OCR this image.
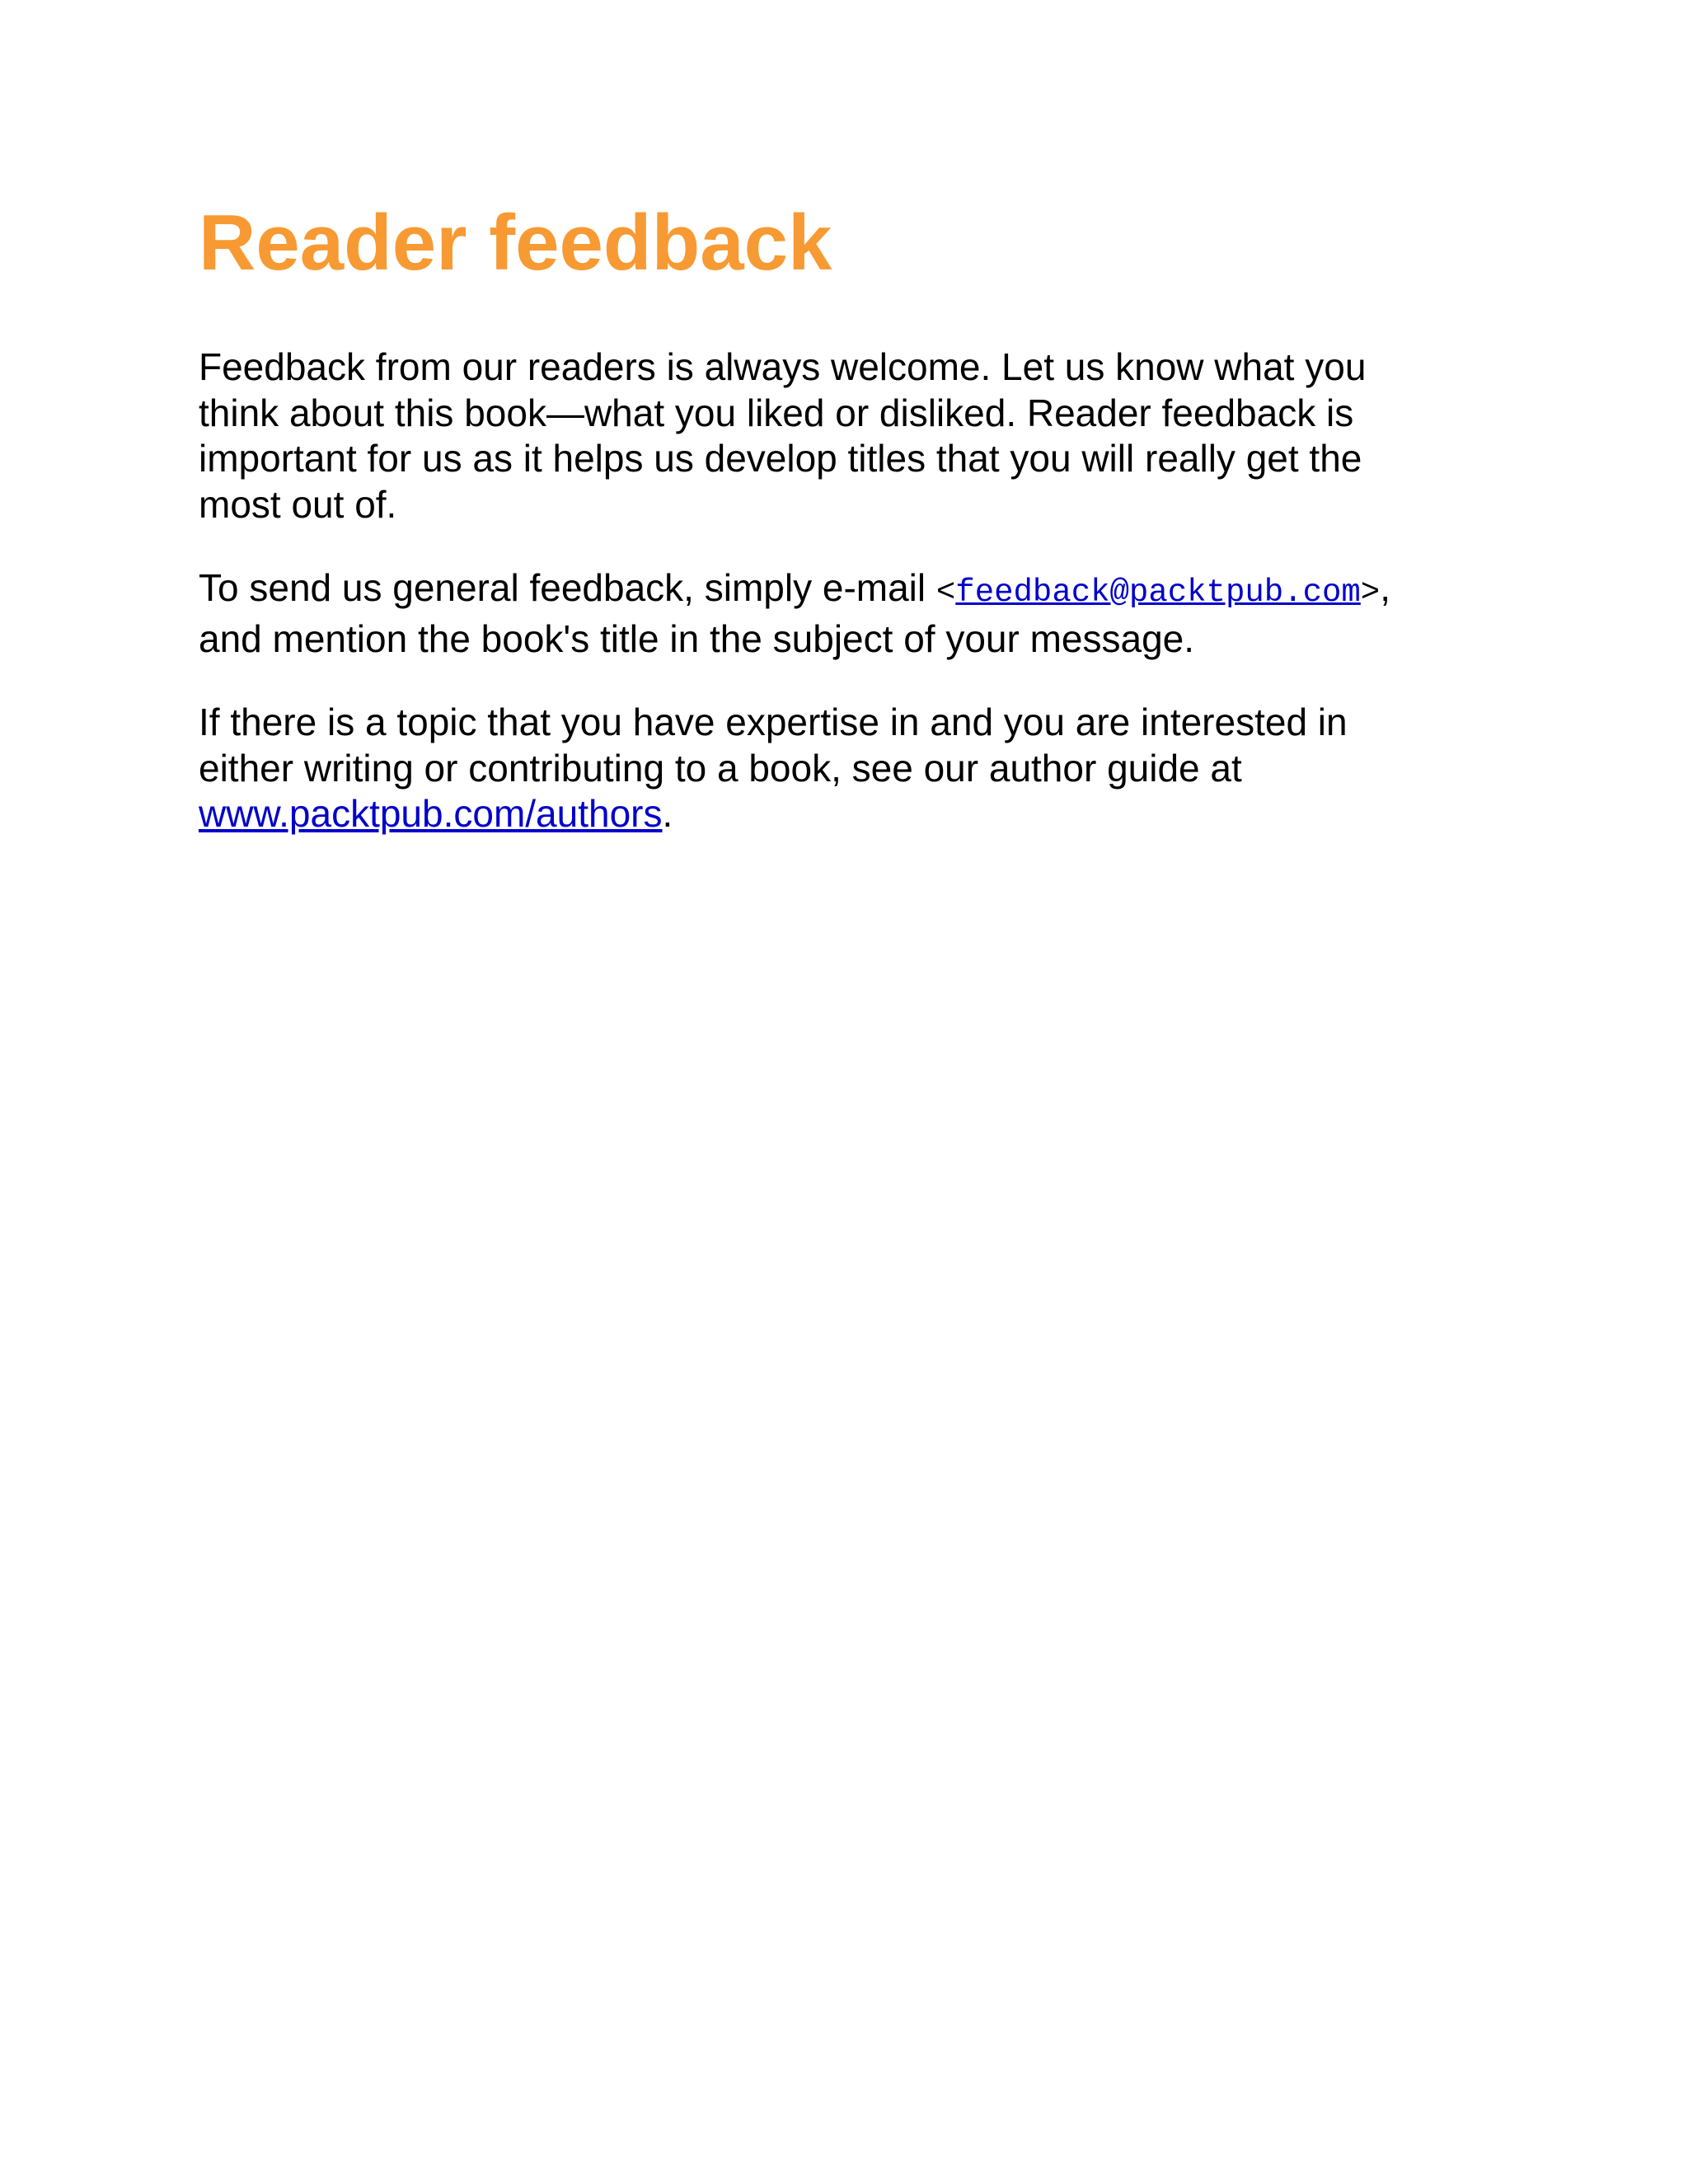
Reader feedback

Feedback from our readers is always welcome. Let us know what you think about this book—what you liked or disliked. Reader feedback is important for us as it helps us develop titles that you will really get the most out of.

To send us general feedback, simply e-mail <feedback@packtpub.com>, and mention the book's title in the subject of your message.

If there is a topic that you have expertise in and you are interested in either writing or contributing to a book, see our author guide at www.packtpub.com/authors.
